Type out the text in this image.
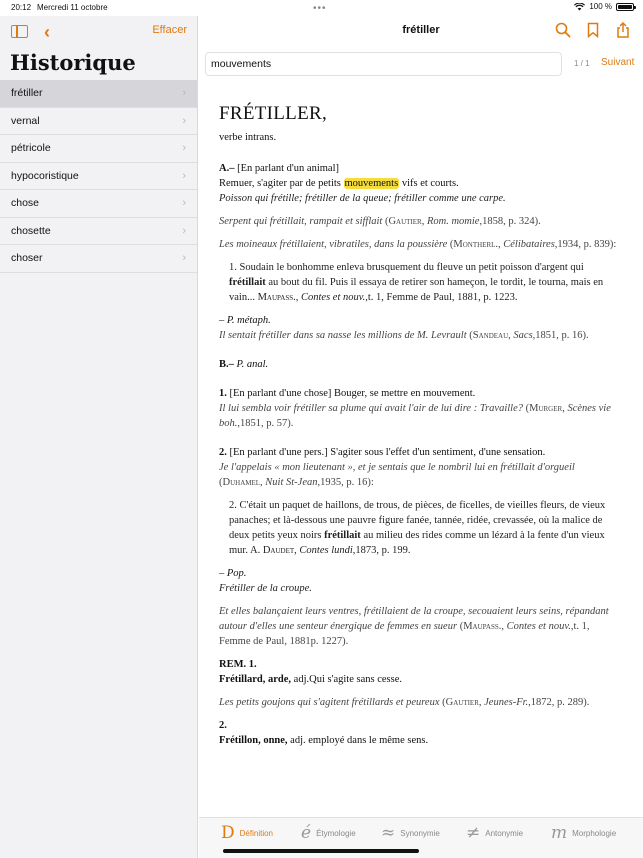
20:12 Mercredi 11 octobre	•••	100 %
‹	Effacer
Historique
frétiller	›
vernal	›
pétricole	›
hypocoristique	›
chose	›
chosette	›
choser	›
frétiller
mouvements
1 / 1 Suivant
FRÉTILLER,
verbe intrans.
A.– [En parlant d'un animal]
Remuer, s'agiter par de petits mouvements vifs et courts.
Poisson qui frétille; frétiller de la queue; frétiller comme une carpe.
Serpent qui frétillait, rampait et sifflait (Gautier, Rom. momie,1858, p. 324).
Les moineaux frétillaient, vibratiles, dans la poussière (Montherl., Célibataires,1934, p. 839):
1. Soudain le bonhomme enleva brusquement du fleuve un petit poisson d'argent qui frétillait au bout du fil. Puis il essaya de retirer son hameçon, le tordit, le tourna, mais en vain... Maupass., Contes et nouv.,t. 1, Femme de Paul, 1881, p. 1223.
– P. métaph.
Il sentait frétiller dans sa nasse les millions de M. Levrault (Sandeau, Sacs,1851, p. 16).
B.– P. anal.
1. [En parlant d'une chose] Bouger, se mettre en mouvement.
Il lui sembla voir frétiller sa plume qui avait l'air de lui dire : Travaille? (Murger, Scènes vie boh.,1851, p. 57).
2. [En parlant d'une pers.] S'agiter sous l'effet d'un sentiment, d'une sensation.
Je l'appelais « mon lieutenant », et je sentais que le nombril lui en frétillait d'orgueil (Duhamel, Nuit St-Jean,1935, p. 16):
2. C'était un paquet de haillons, de trous, de pièces, de ficelles, de vieilles fleurs, de vieux panaches; et là-dessous une pauvre figure fanée, tannée, ridée, crevassée, où la malice de deux petits yeux noirs frétillait au milieu des rides comme un lézard à la fente d'un vieux mur. A. Daudet, Contes lundi,1873, p. 199.
– Pop.
Frétiller de la croupe.
Et elles balançaient leurs ventres, frétillaient de la croupe, secouaient leurs seins, répandant autour d'elles une senteur énergique de femmes en sueur (Maupass., Contes et nouv.,t. 1, Femme de Paul, 1881p. 1227).
REM. 1.
Frétillard, arde, adj.Qui s'agite sans cesse.
Les petits goujons qui s'agitent frétillards et peureux (Gautier, Jeunes-Fr.,1872, p. 289).
2.
Frétillon, onne, adj. employé dans le même sens.
D Définition é Étymologie ≈ Synonymie ≠ Antonymie m Morphologie
